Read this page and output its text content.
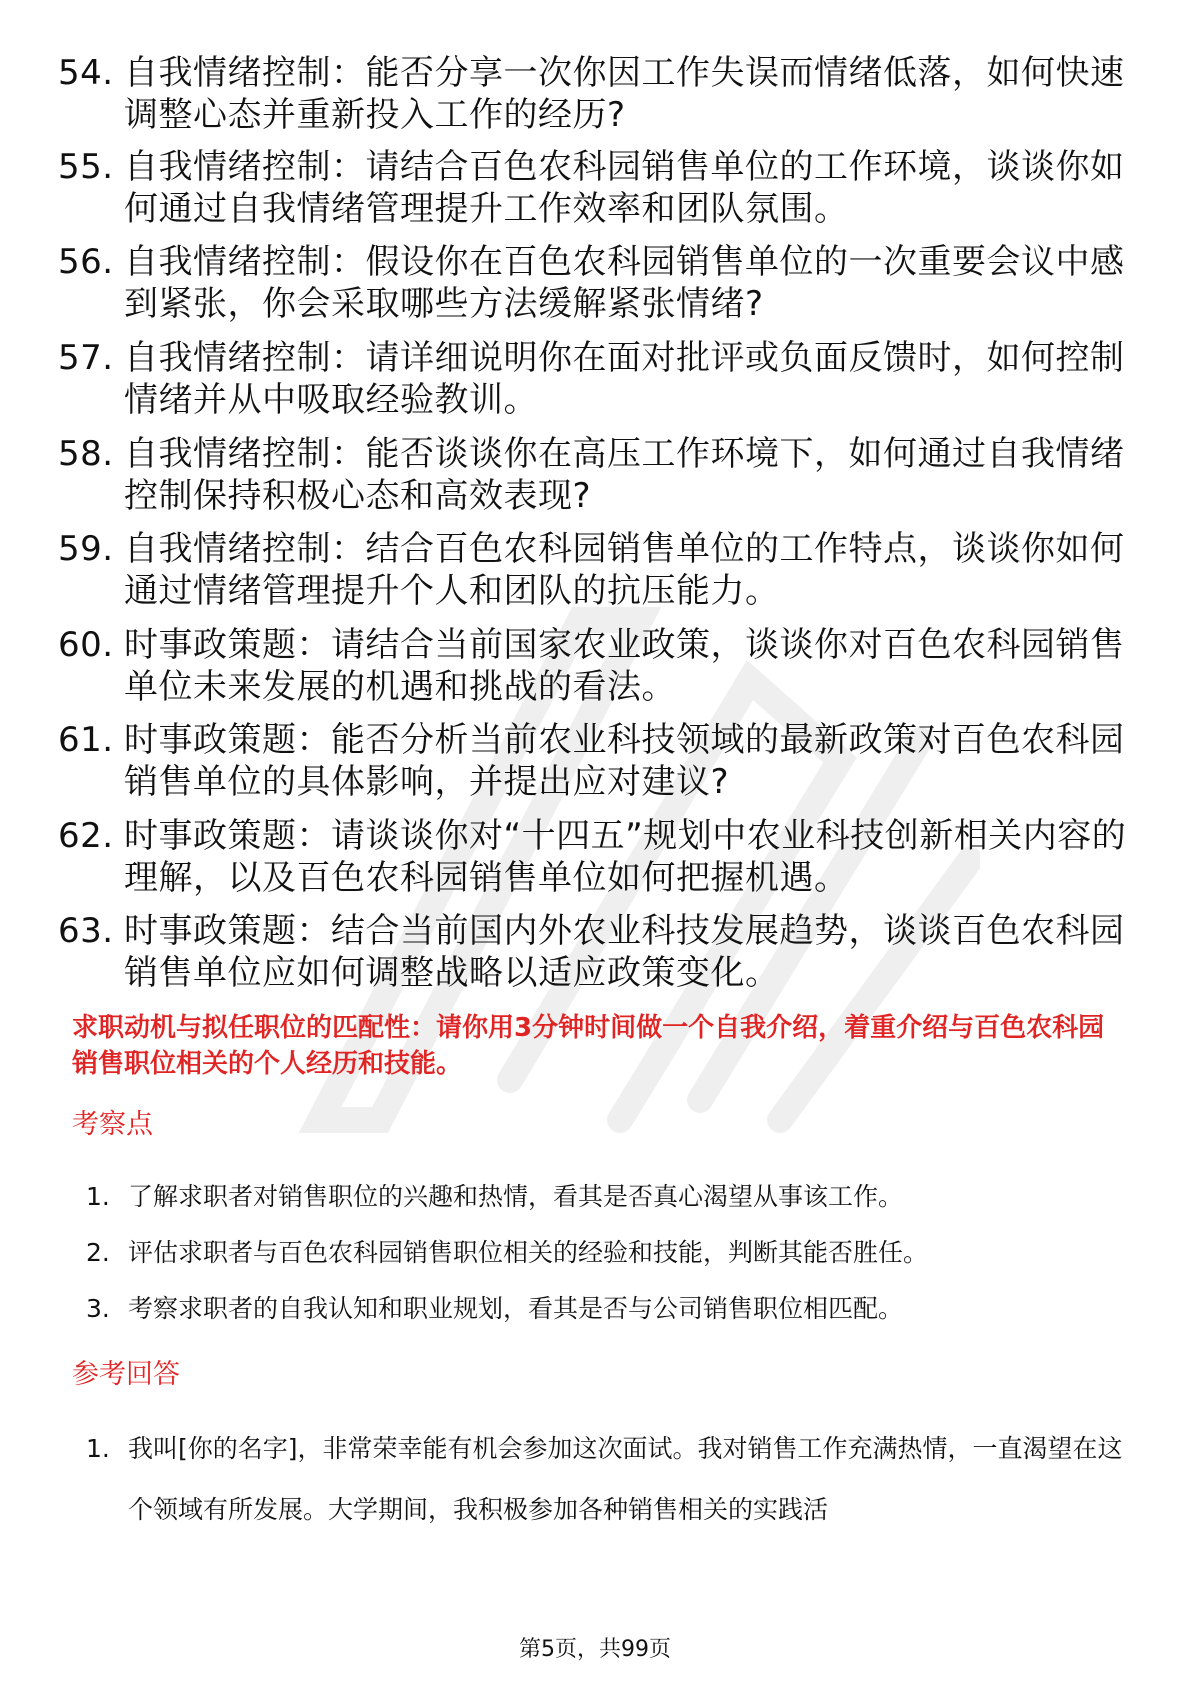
54. 自我情绪控制：能否分享一次你因工作失误而情绪低落，如何快速调整心态并重新投入工作的经历?
55. 自我情绪控制：请结合百色农科园销售单位的工作环境，谈谈你如何通过自我情绪管理提升工作效率和团队氛围。
56. 自我情绪控制：假设你在百色农科园销售单位的一次重要会议中感到紧张，你会采取哪些方法缓解紧张情绪?
57. 自我情绪控制：请详细说明你在面对批评或负面反馈时，如何控制情绪并从中吸取经验教训。
58. 自我情绪控制：能否谈谈你在高压工作环境下，如何通过自我情绪控制保持积极心态和高效表现?
59. 自我情绪控制：结合百色农科园销售单位的工作特点，谈谈你如何通过情绪管理提升个人和团队的抗压能力。
60. 时事政策题：请结合当前国家农业政策，谈谈你对百色农科园销售单位未来发展的机遇和挑战的看法。
61. 时事政策题：能否分析当前农业科技领域的最新政策对百色农科园销售单位的具体影响，并提出应对建议?
62. 时事政策题：请谈谈你对“十四五”规划中农业科技创新相关内容的理解，以及百色农科园销售单位如何把握机遇。
63. 时事政策题：结合当前国内外农业科技发展趋势，谈谈百色农科园销售单位应如何调整战略以适应政策变化。
求职动机与拟任职位的匹配性：请你用3分钟时间做一个自我介绍，着重介绍与百色农科园销售职位相关的个人经历和技能。
考察点
1. 了解求职者对销售职位的兴趣和热情，看其是否真心渴望从事该工作。
2. 评估求职者与百色农科园销售职位相关的经验和技能，判断其能否胜任。
3. 考察求职者的自我认知和职业规划，看其是否与公司销售职位相匹配。
参考回答
1. 我叫[你的名字]，非常荣幸能有机会参加这次面试。我对销售工作充满热情，一直渴望在这个领域有所发展。大学期间，我积极参加各种销售相关的实践活
第5页，共99页
